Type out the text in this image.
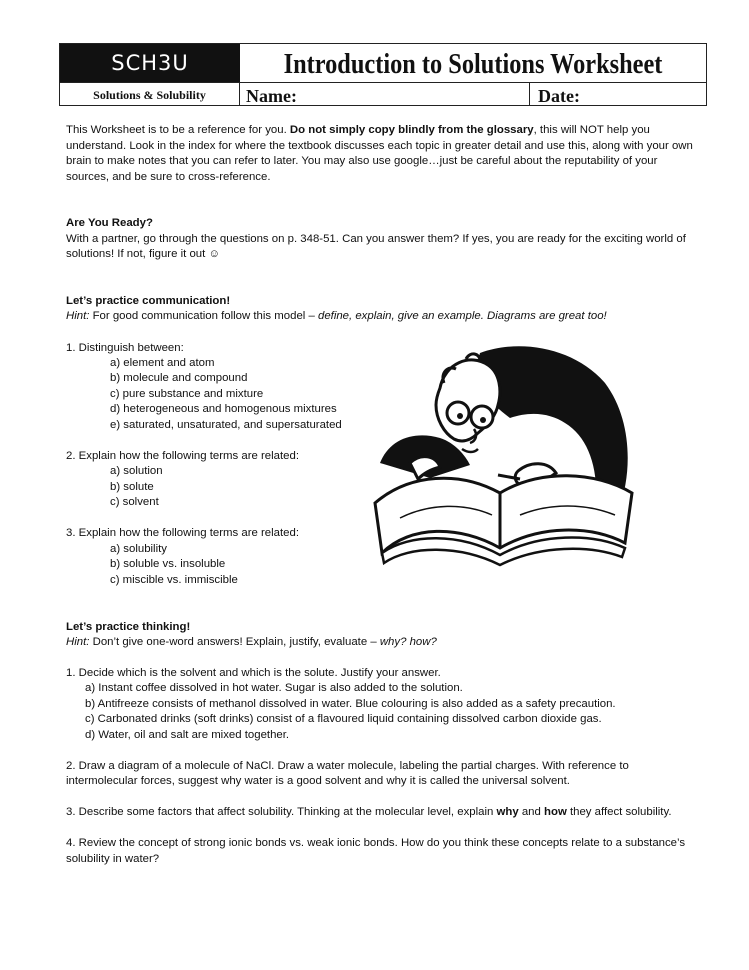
SCH3U	Introduction to Solutions Worksheet
Solutions & Solubility	Name:	Date:
This Worksheet is to be a reference for you. Do not simply copy blindly from the glossary, this will NOT help you
understand. Look in the index for where the textbook discusses each topic in greater detail and use this, along with your own
brain to make notes that you can refer to later. You may also use google…just be careful about the reputability of your
sources, and be sure to cross-reference.
Are You Ready?
With a partner, go through the questions on p. 348-51. Can you answer them? If yes, you are ready for the exciting world of
solutions! If not, figure it out ☺
Let’s practice communication!
Hint: For good communication follow this model – define, explain, give an example. Diagrams are great too!
1. Distinguish between:
a) element and atom
b) molecule and compound
c) pure substance and mixture
d) heterogeneous and homogenous mixtures
e) saturated, unsaturated, and supersaturated
2. Explain how the following terms are related:
a) solution
b) solute
c) solvent
3. Explain how the following terms are related:
a) solubility
b) soluble vs. insoluble
c) miscible vs. immiscible
Let’s practice thinking!
Hint: Don’t give one-word answers! Explain, justify, evaluate – why? how?
1. Decide which is the solvent and which is the solute. Justify your answer.
a) Instant coffee dissolved in hot water. Sugar is also added to the solution.
b) Antifreeze consists of methanol dissolved in water. Blue colouring is also added as a safety precaution.
c) Carbonated drinks (soft drinks) consist of a flavoured liquid containing dissolved carbon dioxide gas.
d) Water, oil and salt are mixed together.
2. Draw a diagram of a molecule of NaCl. Draw a water molecule, labeling the partial charges. With reference to
intermolecular forces, suggest why water is a good solvent and why it is called the universal solvent.
3. Describe some factors that affect solubility. Thinking at the molecular level, explain why and how they affect solubility.
4. Review the concept of strong ionic bonds vs. weak ionic bonds. How do you think these concepts relate to a substance’s
solubility in water?
